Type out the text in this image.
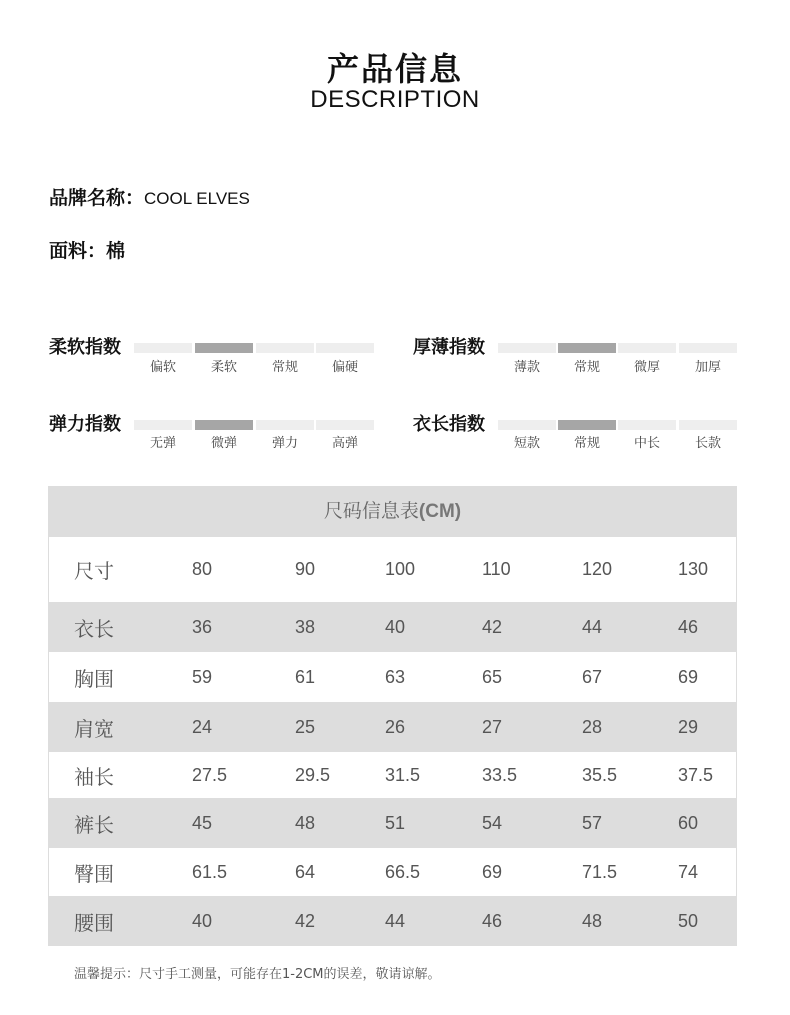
产品信息
DESCRIPTION
品牌名称：COOL ELVES
面料：棉
柔软指数
偏软	柔软	常规	偏硬
厚薄指数
薄款	常规	微厚	加厚
弹力指数
无弹	微弹	弹力	高弹
衣长指数
短款	常规	中长	长款
尺码信息表(CM)
尺寸	80	90	100	110	120	130
衣长	36	38	40	42	44	46
胸围	59	61	63	65	67	69
肩宽	24	25	26	27	28	29
袖长	27.5	29.5	31.5	33.5	35.5	37.5
裤长	45	48	51	54	57	60
臀围	61.5	64	66.5	69	71.5	74
腰围	40	42	44	46	48	50
温馨提示：尺寸手工测量，可能存在1-2CM的误差，敬请谅解。
